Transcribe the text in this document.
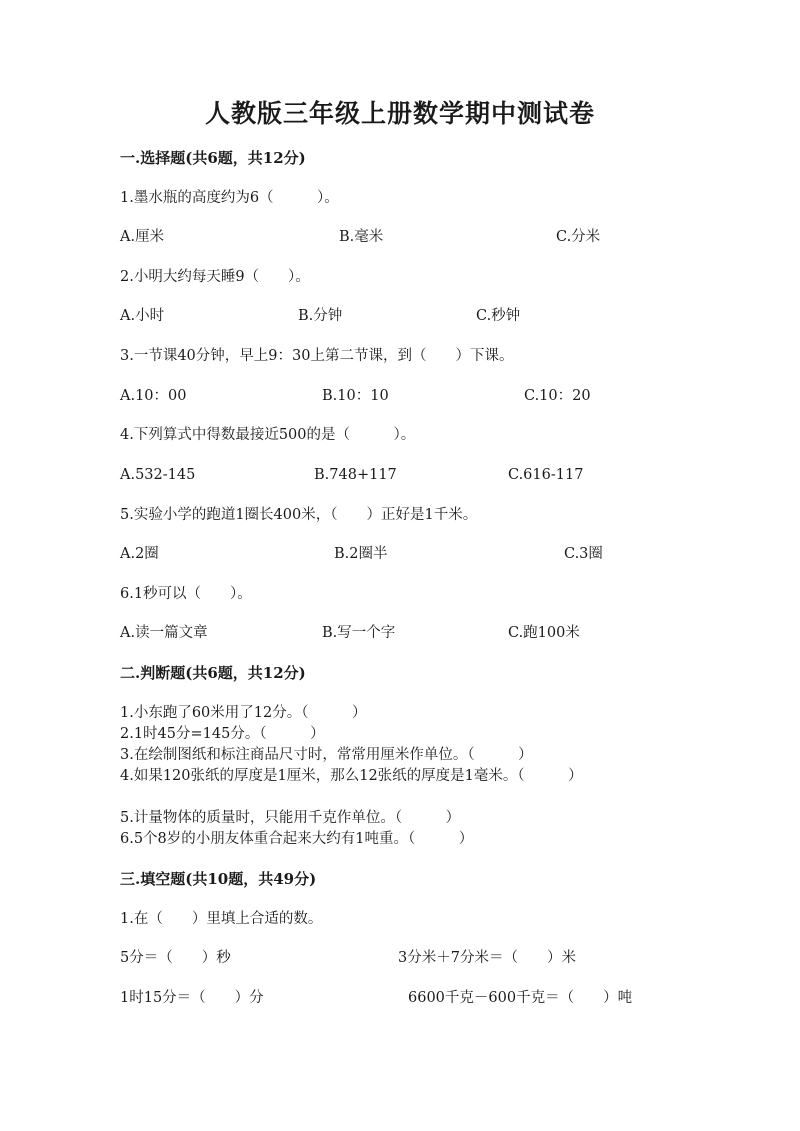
人教版三年级上册数学期中测试卷
一.选择题(共6题，共12分)
1.墨水瓶的高度约为6（　　　）。
A.厘米	B.毫米	C.分米
2.小明大约每天睡9（　　）。
A.小时	B.分钟	C.秒钟
3.一节课40分钟，早上9：30上第二节课，到（　　）下课。
A.10：00	B.10：10	C.10：20
4.下列算式中得数最接近500的是（　　　）。
A.532-145	B.748+117	C.616-117
5.实验小学的跑道1圈长400米，（　　）正好是1千米。
A.2圈	B.2圈半	C.3圈
6.1秒可以（　　）。
A.读一篇文章	B.写一个字	C.跑100米
二.判断题(共6题，共12分)
1.小东跑了60米用了12分。（　　　）
2.1时45分=145分。（　　　）
3.在绘制图纸和标注商品尺寸时，常常用厘米作单位。（　　　）
4.如果120张纸的厚度是1厘米，那么12张纸的厚度是1毫米。（　　　）
5.计量物体的质量时，只能用千克作单位。（　　　）
6.5个8岁的小朋友体重合起来大约有1吨重。（　　　）
三.填空题(共10题，共49分)
1.在（　　）里填上合适的数。
5分＝（　　）秒	3分米＋7分米＝（　　）米
1时15分＝（　　）分	6600千克－600千克＝（　　）吨
